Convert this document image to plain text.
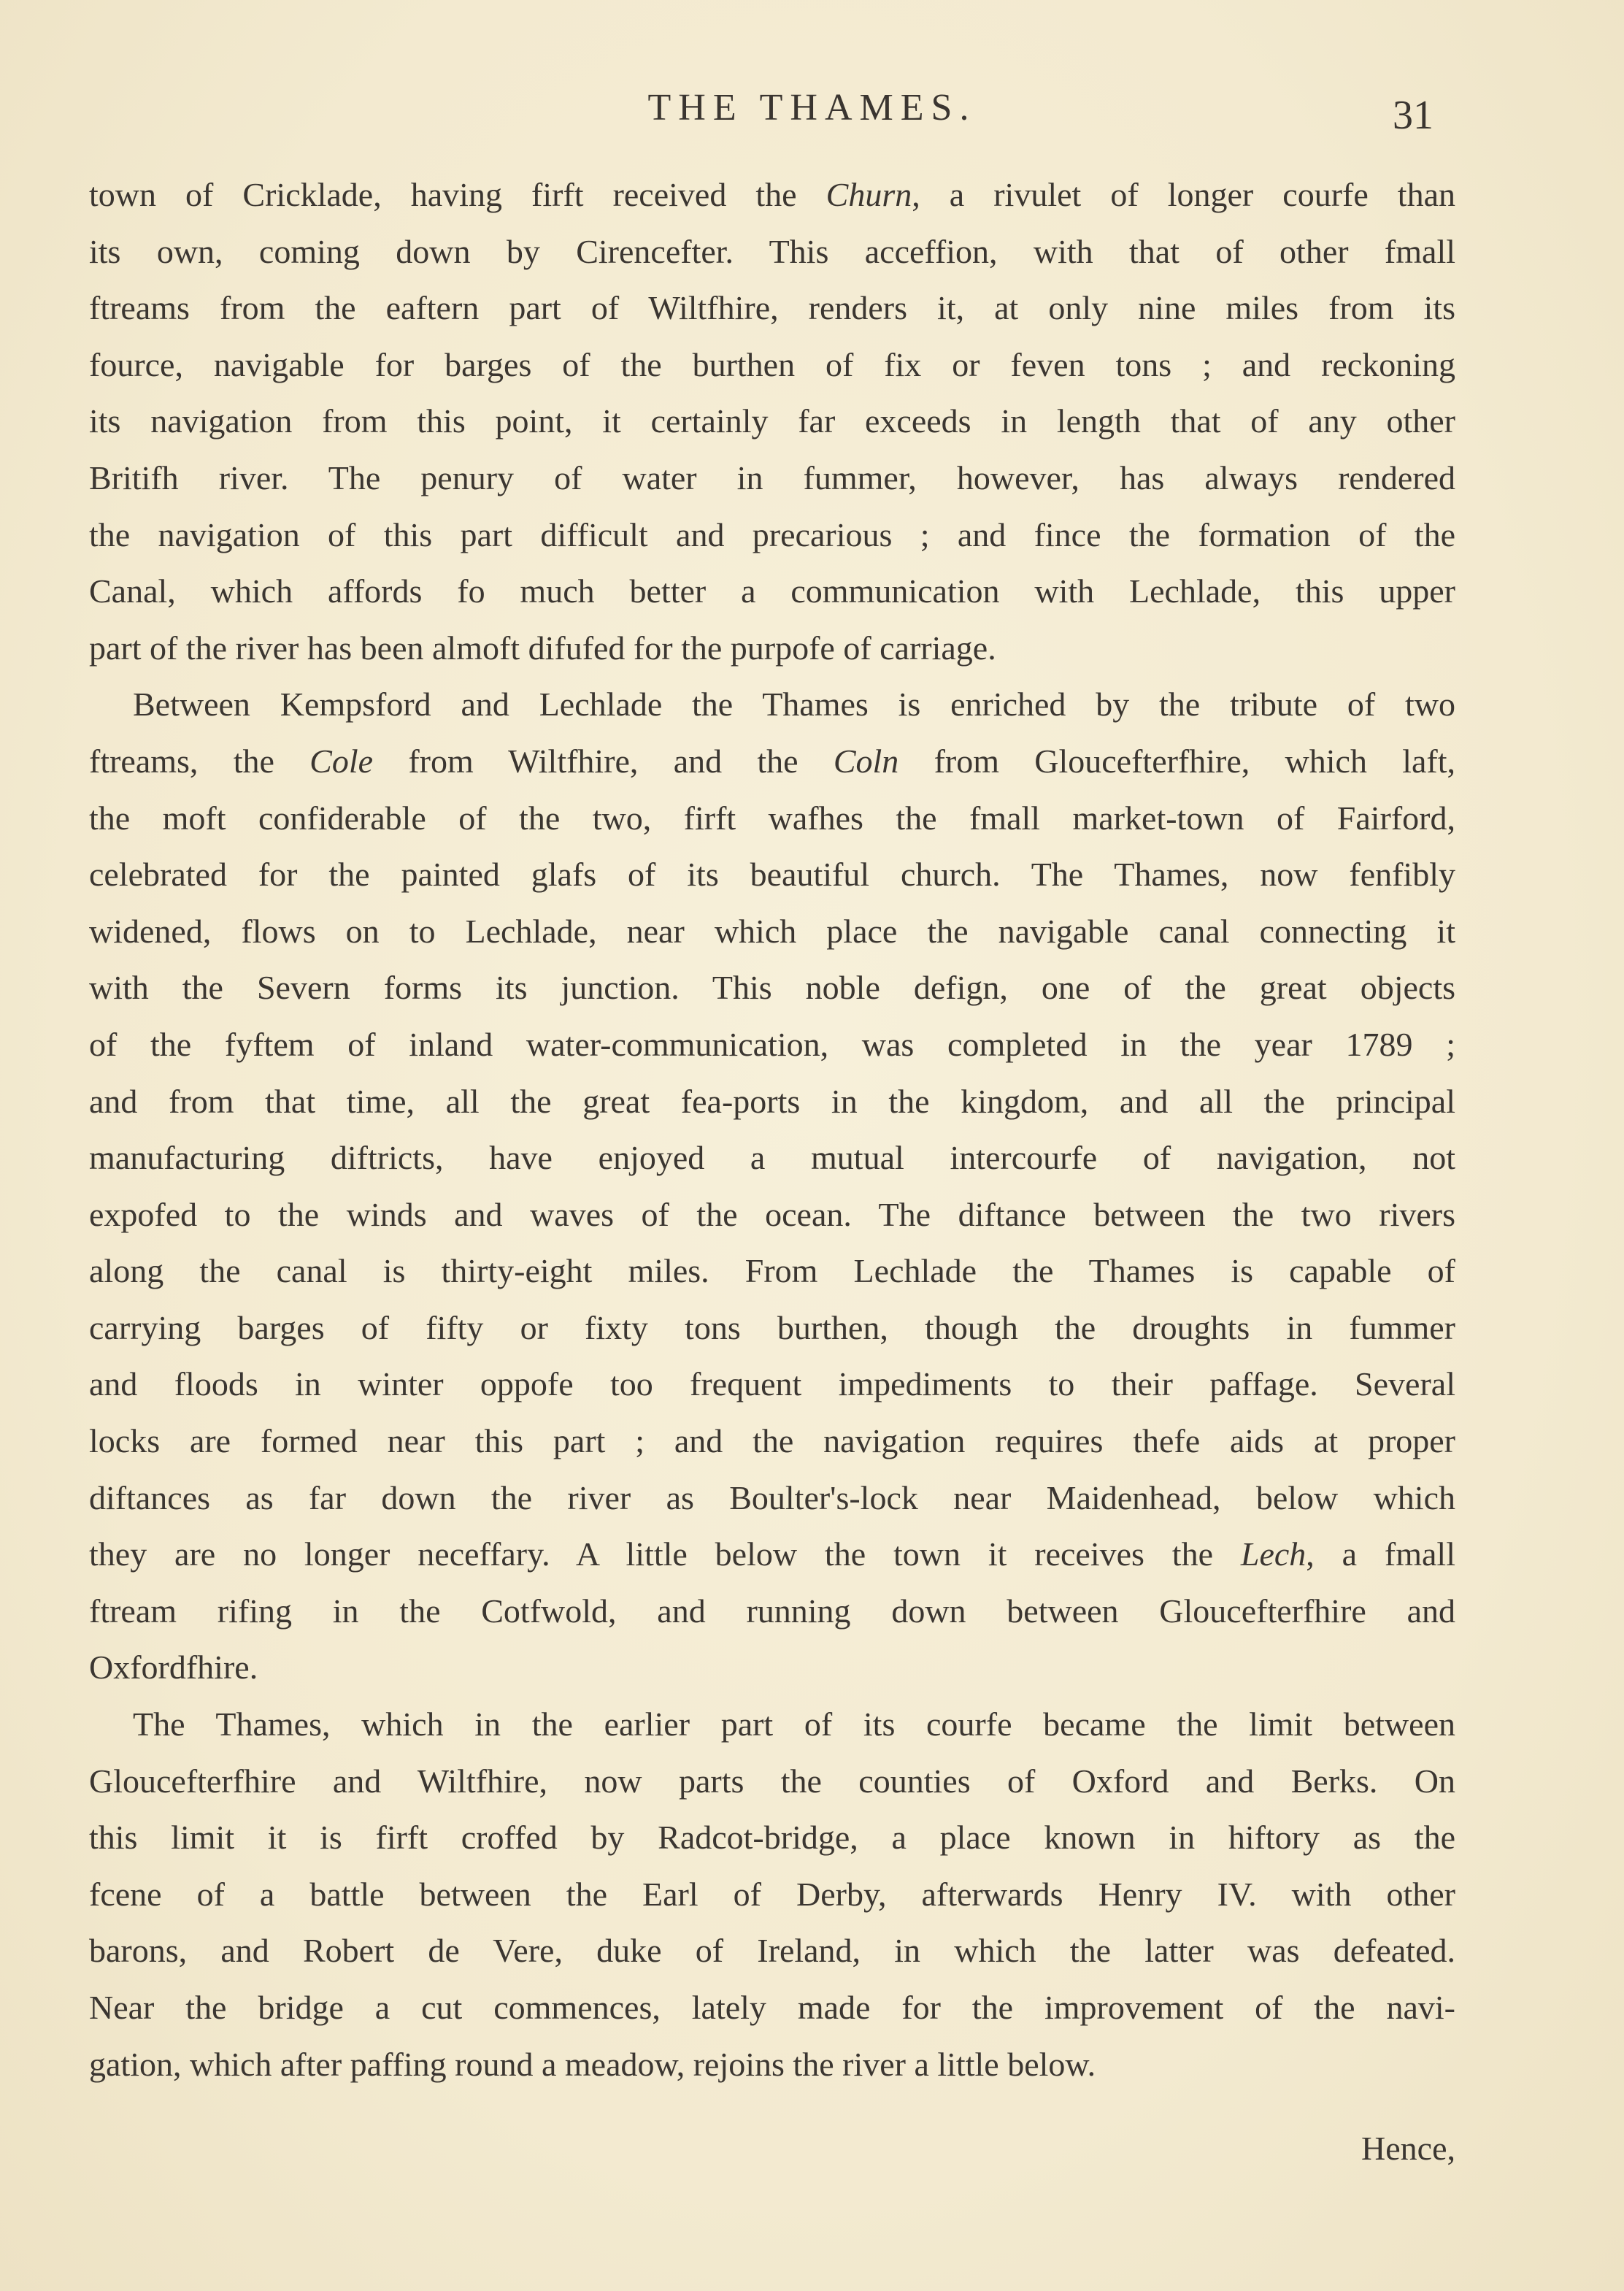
THE THAMES.	31
town of Cricklade, having firft received the Churn, a rivulet of longer courfe than
its own, coming down by Cirencefter. This acceffion, with that of other fmall
ftreams from the eaftern part of Wiltfhire, renders it, at only nine miles from its
fource, navigable for barges of the burthen of fix or feven tons ; and reckoning
its navigation from this point, it certainly far exceeds in length that of any other
Britifh river. The penury of water in fummer, however, has always rendered
the navigation of this part difficult and precarious ; and fince the formation of the
Canal, which affords fo much better a communication with Lechlade, this upper
part of the river has been almoft difufed for the purpofe of carriage.
Between Kempsford and Lechlade the Thames is enriched by the tribute of two
ftreams, the Cole from Wiltfhire, and the Coln from Gloucefterfhire, which laft,
the moft confiderable of the two, firft wafhes the fmall market-town of Fairford,
celebrated for the painted glafs of its beautiful church. The Thames, now fenfibly
widened, flows on to Lechlade, near which place the navigable canal connecting it
with the Severn forms its junction. This noble defign, one of the great objects
of the fyftem of inland water-communication, was completed in the year 1789 ;
and from that time, all the great fea-ports in the kingdom, and all the principal
manufacturing diftricts, have enjoyed a mutual intercourfe of navigation, not
expofed to the winds and waves of the ocean. The diftance between the two rivers
along the canal is thirty-eight miles. From Lechlade the Thames is capable of
carrying barges of fifty or fixty tons burthen, though the droughts in fummer
and floods in winter oppofe too frequent impediments to their paffage. Several
locks are formed near this part ; and the navigation requires thefe aids at proper
diftances as far down the river as Boulter's-lock near Maidenhead, below which
they are no longer neceffary. A little below the town it receives the Lech, a fmall
ftream rifing in the Cotfwold, and running down between Gloucefterfhire and
Oxfordfhire.
The Thames, which in the earlier part of its courfe became the limit between
Gloucefterfhire and Wiltfhire, now parts the counties of Oxford and Berks. On
this limit it is firft croffed by Radcot-bridge, a place known in hiftory as the
fcene of a battle between the Earl of Derby, afterwards Henry IV. with other
barons, and Robert de Vere, duke of Ireland, in which the latter was defeated.
Near the bridge a cut commences, lately made for the improvement of the navi-
gation, which after paffing round a meadow, rejoins the river a little below.
Hence,
